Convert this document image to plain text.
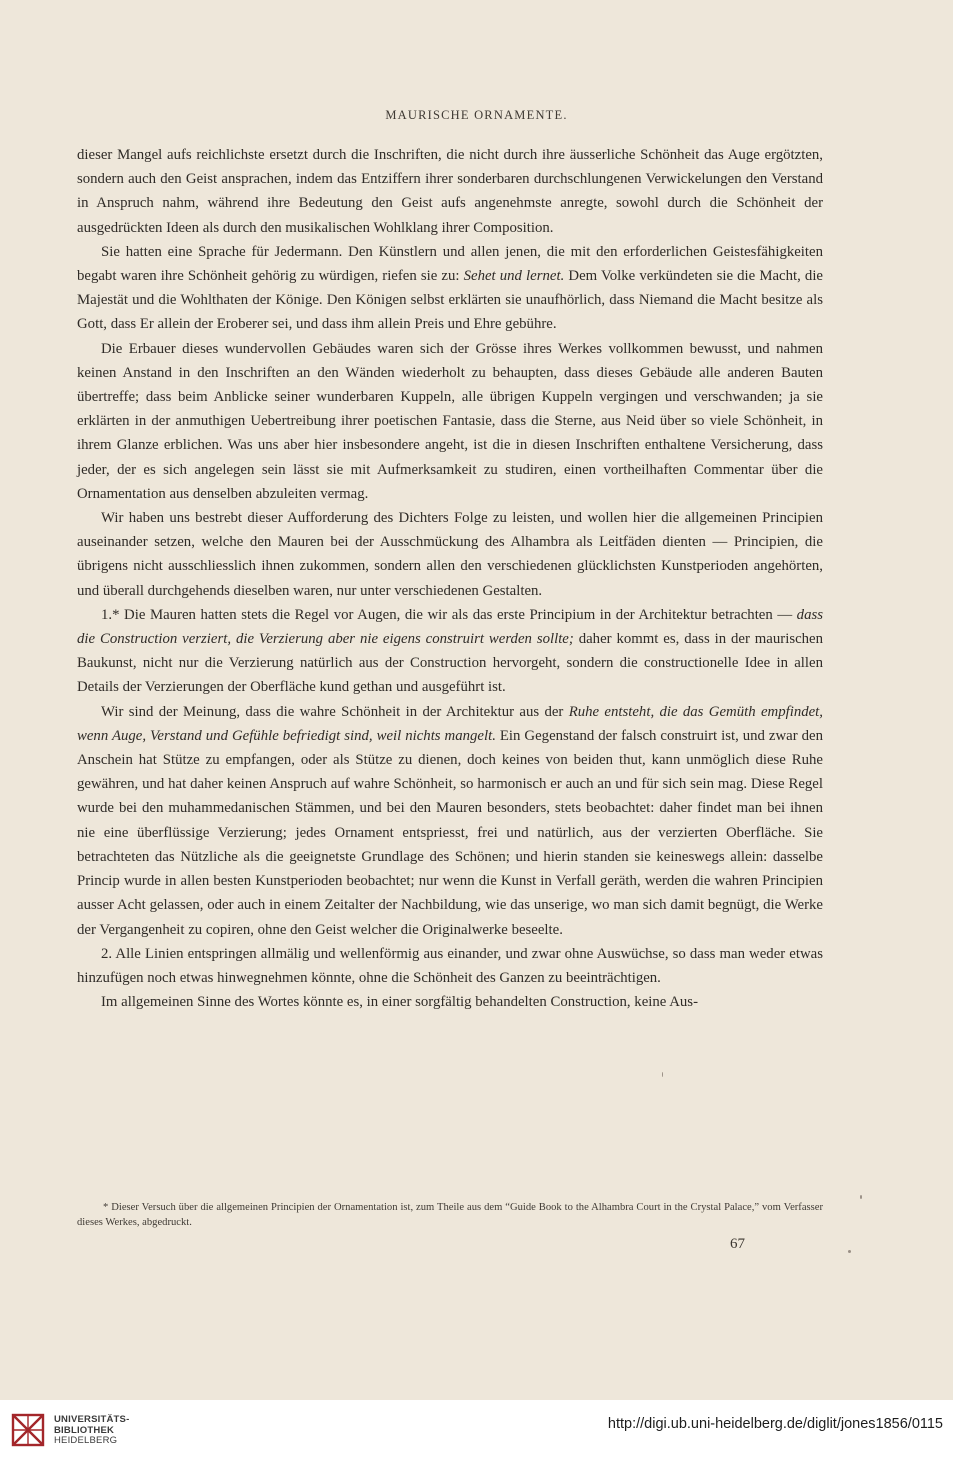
MAURISCHE ORNAMENTE.

dieser Mangel aufs reichlichste ersetzt durch die Inschriften, die nicht durch ihre äusserliche Schönheit das Auge ergötzten, sondern auch den Geist ansprachen, indem das Entziffern ihrer sonderbaren durchschlungenen Verwickelungen den Verstand in Anspruch nahm, während ihre Bedeutung den Geist aufs angenehmste anregte, sowohl durch die Schönheit der ausgedrückten Ideen als durch den musikalischen Wohlklang ihrer Composition.

Sie hatten eine Sprache für Jedermann. Den Künstlern und allen jenen, die mit den erforderlichen Geistesfähigkeiten begabt waren ihre Schönheit gehörig zu würdigen, riefen sie zu: Sehet und lernet. Dem Volke verkündeten sie die Macht, die Majestät und die Wohlthaten der Könige. Den Königen selbst erklärten sie unaufhörlich, dass Niemand die Macht besitze als Gott, dass Er allein der Eroberer sei, und dass ihm allein Preis und Ehre gebühre.

Die Erbauer dieses wundervollen Gebäudes waren sich der Grösse ihres Werkes vollkommen bewusst, und nahmen keinen Anstand in den Inschriften an den Wänden wiederholt zu behaupten, dass dieses Gebäude alle anderen Bauten übertreffe; dass beim Anblicke seiner wunderbaren Kuppeln, alle übrigen Kuppeln vergingen und verschwanden; ja sie erklärten in der anmuthigen Uebertreibung ihrer poetischen Fantasie, dass die Sterne, aus Neid über so viele Schönheit, in ihrem Glanze erblichen. Was uns aber hier insbesondere angeht, ist die in diesen Inschriften enthaltene Versicherung, dass jeder, der es sich angelegen sein lässt sie mit Aufmerksamkeit zu studiren, einen vortheilhaften Commentar über die Ornamentation aus denselben abzuleiten vermag.

Wir haben uns bestrebt dieser Aufforderung des Dichters Folge zu leisten, und wollen hier die allgemeinen Principien auseinander setzen, welche den Mauren bei der Ausschmückung des Alhambra als Leitfäden dienten — Principien, die übrigens nicht ausschliesslich ihnen zukommen, sondern allen den verschiedenen glücklichsten Kunstperioden angehörten, und überall durchgehends dieselben waren, nur unter verschiedenen Gestalten.

1.* Die Mauren hatten stets die Regel vor Augen, die wir als das erste Principium in der Architektur betrachten — dass die Construction verziert, die Verzierung aber nie eigens construirt werden sollte; daher kommt es, dass in der maurischen Baukunst, nicht nur die Verzierung natürlich aus der Construction hervorgeht, sondern die constructionelle Idee in allen Details der Verzierungen der Oberfläche kund gethan und ausgeführt ist.

Wir sind der Meinung, dass die wahre Schönheit in der Architektur aus der Ruhe entsteht, die das Gemüth empfindet, wenn Auge, Verstand und Gefühle befriedigt sind, weil nichts mangelt. Ein Gegenstand der falsch construirt ist, und zwar den Anschein hat Stütze zu empfangen, oder als Stütze zu dienen, doch keines von beiden thut, kann unmöglich diese Ruhe gewähren, und hat daher keinen Anspruch auf wahre Schönheit, so harmonisch er auch an und für sich sein mag. Diese Regel wurde bei den muhammedanischen Stämmen, und bei den Mauren besonders, stets beobachtet: daher findet man bei ihnen nie eine überflüssige Verzierung; jedes Ornament entspriesst, frei und natürlich, aus der verzierten Oberfläche. Sie betrachteten das Nützliche als die geeignetste Grundlage des Schönen; und hierin standen sie keineswegs allein: dasselbe Princip wurde in allen besten Kunstperioden beobachtet; nur wenn die Kunst in Verfall geräth, werden die wahren Principien ausser Acht gelassen, oder auch in einem Zeitalter der Nachbildung, wie das unserige, wo man sich damit begnügt, die Werke der Vergangenheit zu copiren, ohne den Geist welcher die Originalwerke beseelte.

2. Alle Linien entspringen allmälig und wellenförmig aus einander, und zwar ohne Auswüchse, so dass man weder etwas hinzufügen noch etwas hinwegnehmen könnte, ohne die Schönheit des Ganzen zu beeinträchtigen.

Im allgemeinen Sinne des Wortes könnte es, in einer sorgfältig behandelten Construction, keine Aus-

* Dieser Versuch über die allgemeinen Principien der Ornamentation ist, zum Theile aus dem “Guide Book to the Alhambra Court in the Crystal Palace,” vom Verfasser dieses Werkes, abgedruckt.
67
UNIVERSITÄTS-
BIBLIOTHEK
HEIDELBERG
http://digi.ub.uni-heidelberg.de/diglit/jones1856/0115
